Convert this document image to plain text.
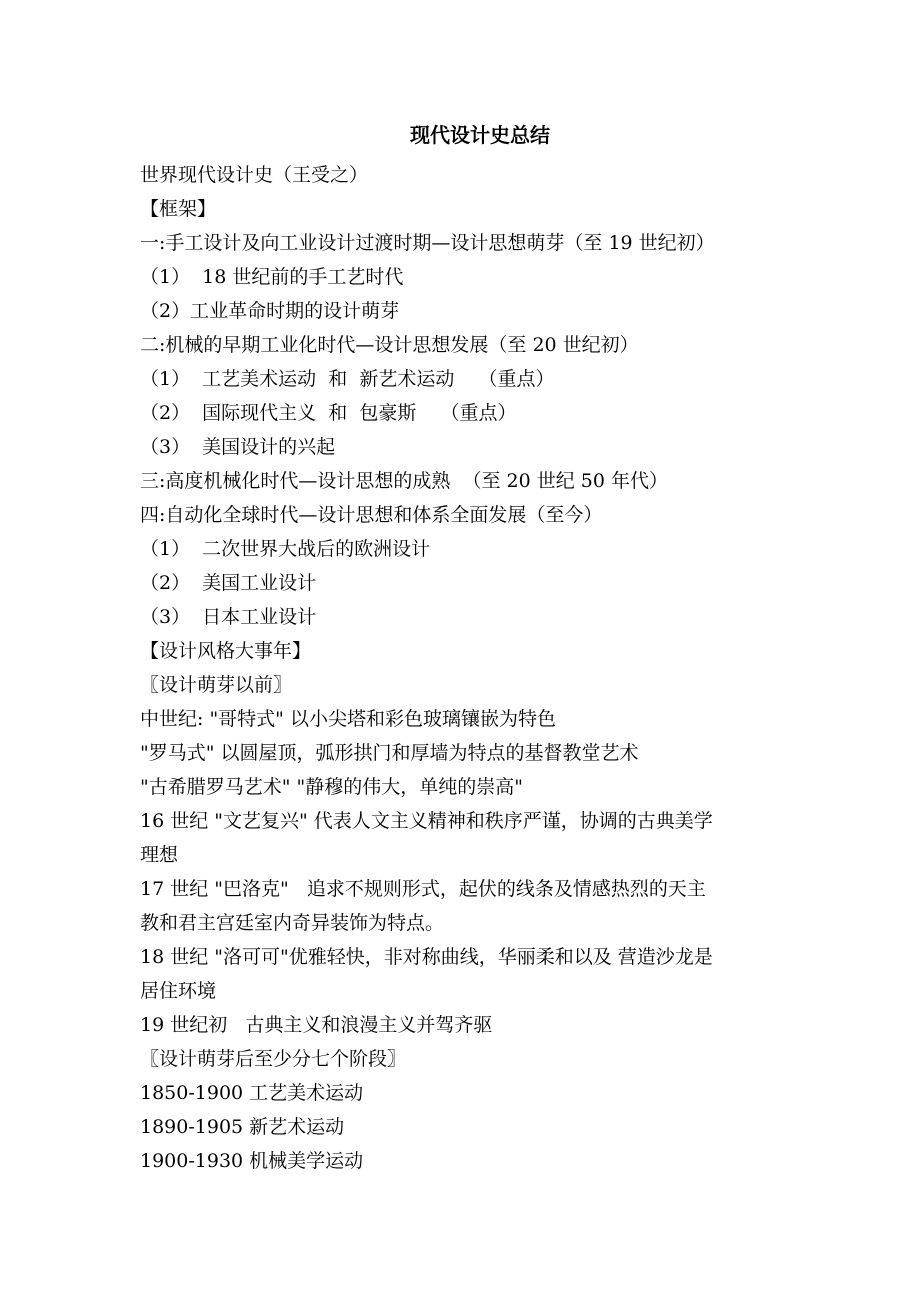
现代设计史总结
世界现代设计史（王受之）
【框架】
一:手工设计及向工业设计过渡时期—设计思想萌芽（至 19 世纪初）
（1）  18 世纪前的手工艺时代
（2）工业革命时期的设计萌芽
二:机械的早期工业化时代—设计思想发展（至 20 世纪初）
（1）  工艺美术运动  和  新艺术运动    （重点）
（2）  国际现代主义  和  包豪斯    （重点）
（3）  美国设计的兴起
三:高度机械化时代—设计思想的成熟  （至 20 世纪 50 年代）
四:自动化全球时代—设计思想和体系全面发展（至今）
（1）  二次世界大战后的欧洲设计
（2）  美国工业设计
（3）  日本工业设计
【设计风格大事年】
〖设计萌芽以前〗
中世纪: "哥特式" 以小尖塔和彩色玻璃镶嵌为特色
"罗马式" 以圆屋顶，弧形拱门和厚墙为特点的基督教堂艺术
"古希腊罗马艺术" "静穆的伟大，单纯的崇高"
16 世纪 "文艺复兴" 代表人文主义精神和秩序严谨，协调的古典美学
理想
17 世纪 "巴洛克"   追求不规则形式，起伏的线条及情感热烈的天主
教和君主宫廷室内奇异装饰为特点。
18 世纪 "洛可可"优雅轻快，非对称曲线，华丽柔和以及 营造沙龙是
居住环境
19 世纪初   古典主义和浪漫主义并驾齐驱
〖设计萌芽后至少分七个阶段〗
1850-1900 工艺美术运动
1890-1905 新艺术运动
1900-1930 机械美学运动
